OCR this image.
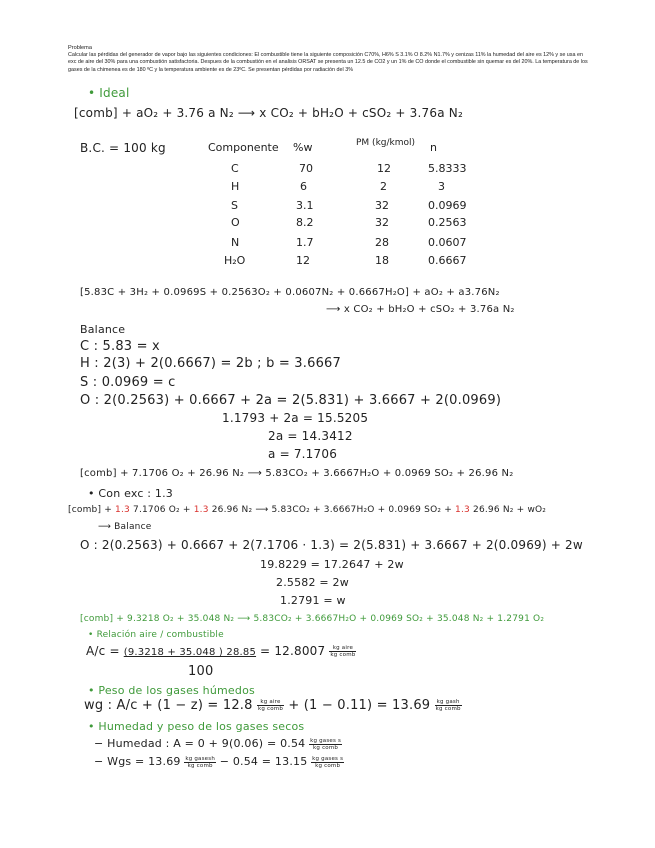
Problema
Calcular las pérdidas del generador de vapor bajo las siguientes condiciones: El combustible tiene la siguiente composición C70%, H6% S 3.1% O 8.2% N1.7% y cenizas 11% la humedad del aire es 12% y se usa en exc de aire del 30% para una combustión satisfactoria. Despues de la combustión en el analisis ORSAT se presenta un 12.5 de CO2 y un 1% de CO donde el combustible sin quemar es del 20%. La temperatura de los gases de la chimenea es de 180 ºC y la temperatura ambiente es de 23ºC. Se presentan pérdidas por radiación del 3%
• Ideal
[comb] + aO₂ + 3.76 a N₂ ⟶ x CO₂ + bH₂O + cSO₂ + 3.76a N₂
B.C. = 100 kg	Componente %w	PM (kg/kmol) n
C	70	12	5.8333
H	6	2	3
S	3.1	32	0.0969
O	8.2	32	0.2563
N	1.7	28	0.0607
H₂O	12	18	0.6667
[5.83C + 3H₂ + 0.0969S + 0.2563O₂ + 0.0607N₂ + 0.6667H₂O] + aO₂ + a3.76N₂
⟶ x CO₂ + bH₂O + cSO₂ + 3.76a N₂
Balance
C : 5.83 = x
H : 2(3) + 2(0.6667) = 2b ; b = 3.6667
S : 0.0969 = c
O : 2(0.2563) + 0.6667 + 2a = 2(5.831) + 3.6667 + 2(0.0969)
1.1793 + 2a = 15.5205
2a = 14.3412
a = 7.1706
[comb] + 7.1706 O₂ + 26.96 N₂ ⟶ 5.83CO₂ + 3.6667H₂O + 0.0969 SO₂ + 26.96 N₂
• Con exc : 1.3
[comb] + 1.3 7.1706 O₂ + 1.3 26.96 N₂ ⟶ 5.83CO₂ + 3.6667H₂O + 0.0969 SO₂ + 1.3 26.96 N₂ + wO₂
⟶ Balance
O : 2(0.2563) + 0.6667 + 2(7.1706 · 1.3) = 2(5.831) + 3.6667 + 2(0.0969) + 2w
19.8229 = 17.2647 + 2w
2.5582 = 2w
1.2791 = w
[comb] + 9.3218 O₂ + 35.048 N₂ ⟶ 5.83CO₂ + 3.6667H₂O + 0.0969 SO₂ + 35.048 N₂ + 1.2791 O₂
• Relación aire / combustible
A/c = (9.3218 + 35.048 ) $28.85 = 12.8007 \frac{\text{kg aire}}{\text{kg comb}}$
100
• Peso de los gases húmedos
wg : $A/c + (1 - z) = 12.8 \frac{\text{kg aire}}{\text{kg comb}} + (1 - 0.11) = 13.69 \frac{\text{kg gash}}{\text{kg comb}}$
• Humedad y peso de los gases secos
− Humedad : $A = 0 + 9(0.06) = 0.54 \frac{\text{kg gases s}}{\text{kg comb}}$
− Wgs = $13.69 \frac{\text{kg gasesh}}{\text{kg comb}} - 0.54 = 13.15 \frac{\text{kg gases s}}{\text{kg comb}}$
